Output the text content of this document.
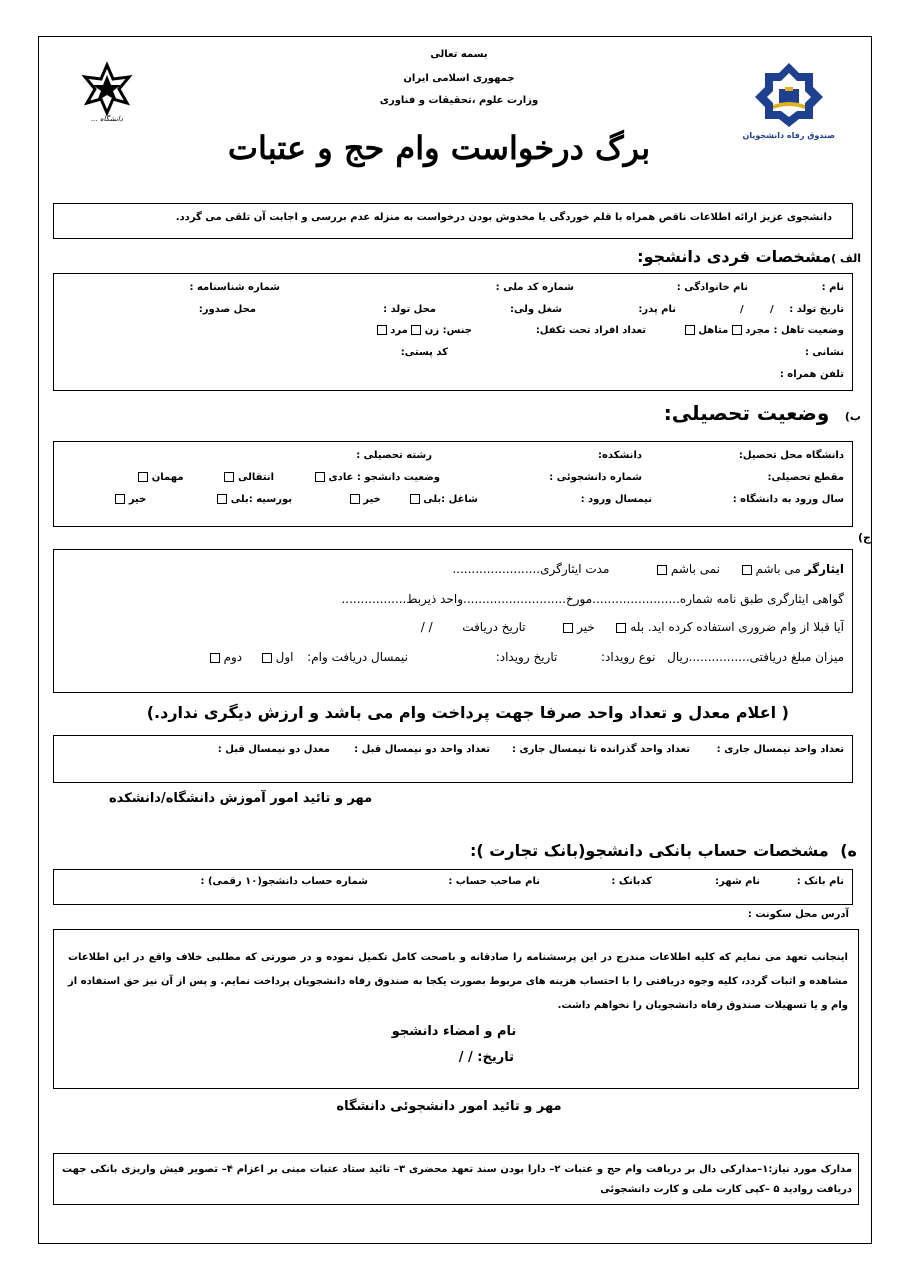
بسمه تعالی
جمهوری اسلامی ایران
وزارت علوم ،تحقیقات و فناوری
دانشگاه ...
صندوق رفاه دانشجویان
برگ درخواست وام حج و عتبات
دانشجوی عزیز ارائه اطلاعات ناقص همراه با قلم خوردگی یا مخدوش بودن درخواست به منزله عدم بررسی و اجابت آن تلقی می گردد.
الف )مشخصات فردی دانشجو:
نام :
نام خانوادگی :
شماره کد ملی :
شماره شناسنامه :
تاریخ تولد :
/
/
نام پدر:
شغل ولی:
محل تولد :
محل صدور:
وضعیت تاهل : مجرد  متاهل
تعداد افراد تحت تکفل:
جنس: زن  مرد
نشانی :
کد پستی:
تلفن همراه :
ب) وضعیت تحصیلی:
دانشگاه محل تحصیل:
دانشکده:
رشته تحصیلی :
مقطع تحصیلی:
شماره دانشجوئی :
وضعیت دانشجو : عادی   انتقالی   مهمان
سال ورود به دانشگاه :
نیمسال ورود :
شاغل :بلی   خیر
بورسیه :بلی   خیر
ج)
ایثارگر می باشم   نمی باشم   مدت ایثارگری.......................
گواهی ایثارگری طبق نامه شماره.......................مورخ...........................واحد ذیربط.................
آیا قبلا از وام ضروری استفاده کرده اید. بله   خیر   تاریخ دریافت  / /
میزان مبلغ دریافتی................ریال  نوع رویداد:  تاریخ رویداد:  نیمسال دریافت وام:  اول   دوم
( اعلام معدل و تعداد واحد صرفا جهت پرداخت وام می باشد و ارزش دیگری ندارد.)
تعداد واحد نیمسال جاری :
تعداد واحد گذرانده تا نیمسال جاری :
تعداد واحد دو نیمسال قبل :
معدل دو نیمسال قبل :
مهر و تائید امور آموزش دانشگاه/دانشکده
ه) مشخصات حساب بانکی دانشجو(بانک تجارت ):
نام بانک :
نام شهر:
کدبانک :
نام صاحب حساب :
شماره حساب دانشجو(۱۰ رقمی) :
آدرس محل سکونت :
اینجانب تعهد می نمایم که کلیه اطلاعات مندرج در این پرسشنامه را صادقانه و باصحت کامل تکمیل نموده و در صورتی که مطلبی خلاف واقع در این اطلاعات مشاهده و اثبات گردد، کلیه وجوه دریافتی را با احتساب هزینه های مربوط بصورت یکجا به صندوق رفاه دانشجویان پرداخت نمایم. و پس از آن نیز حق استفاده از وام و یا تسهیلات صندوق رفاه دانشجویان را نخواهم داشت.
نام و امضاء دانشجو
تاریخ: / /
مهر و تائید امور دانشجوئی دانشگاه
مدارک مورد نیاز:۱–مدارکی دال بر دریافت وام حج و عتبات ۲– دارا بودن سند تعهد محضری ۳– تائید ستاد عتبات مبنی بر اعزام ۴– تصویر فیش واریزی بانکی جهت دریافت روادید ۵ –کپی کارت ملی و کارت دانشجوئی
